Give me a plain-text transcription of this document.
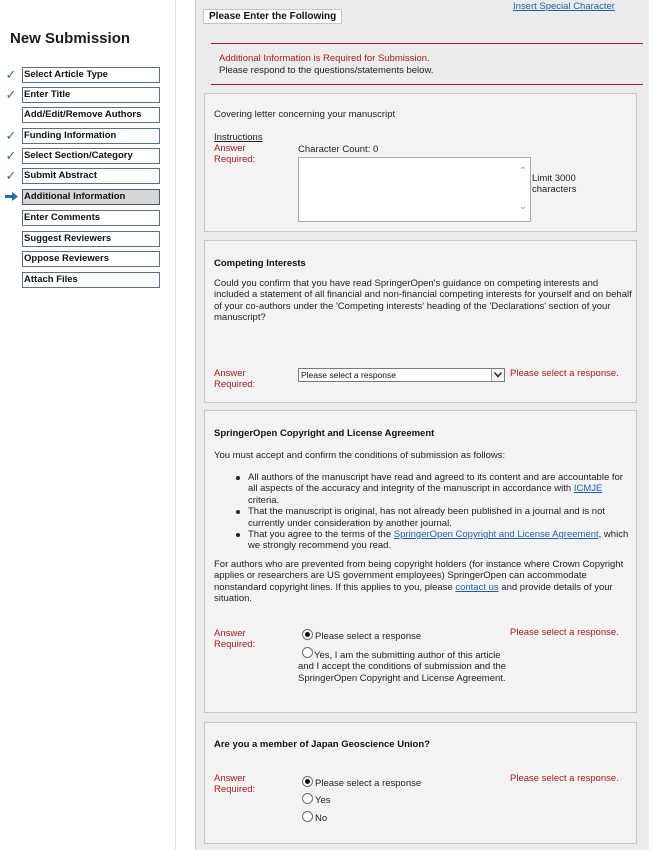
New Submission
✓ Select Article Type
✓ Enter Title
Add/Edit/Remove Authors
✓ Funding Information
✓ Select Section/Category
✓ Submit Abstract
Additional Information
Enter Comments
Suggest Reviewers
Oppose Reviewers
Attach Files
Insert Special Character
Please Enter the Following
Additional Information is Required for Submission.
Please respond to the questions/statements below.
Covering letter concerning your manuscript
Instructions
Answer Required:
Character Count: 0
⌃
⌄
Limit 3000 characters
Competing Interests
Could you confirm that you have read SpringerOpen's guidance on competing interests and included a statement of all financial and non-financial competing interests for yourself and on behalf of your co-authors under the 'Competing interests' heading of the 'Declarations' section of your manuscript?
Answer Required:
Please select a response	Please select a response.
SpringerOpen Copyright and License Agreement
You must accept and confirm the conditions of submission as follows:
All authors of the manuscript have read and agreed to its content and are accountable for all aspects of the accuracy and integrity of the manuscript in accordance with ICMJE criteria.
That the manuscript is original, has not already been published in a journal and is not currently under consideration by another journal.
That you agree to the terms of the SpringerOpen Copyright and License Agreement, which we strongly recommend you read.
For authors who are prevented from being copyright holders (for instance where Crown Copyright applies or researchers are US government employees) SpringerOpen can accommodate nonstandard copyright lines. If this applies to you, please contact us and provide details of your situation.
Answer Required:
Please select a response
Yes, I am the submitting author of this article and I accept the conditions of submission and the SpringerOpen Copyright and License Agreement.
Please select a response.
Are you a member of Japan Geoscience Union?
Answer Required:
Please select a response
Yes
No
Please select a response.
